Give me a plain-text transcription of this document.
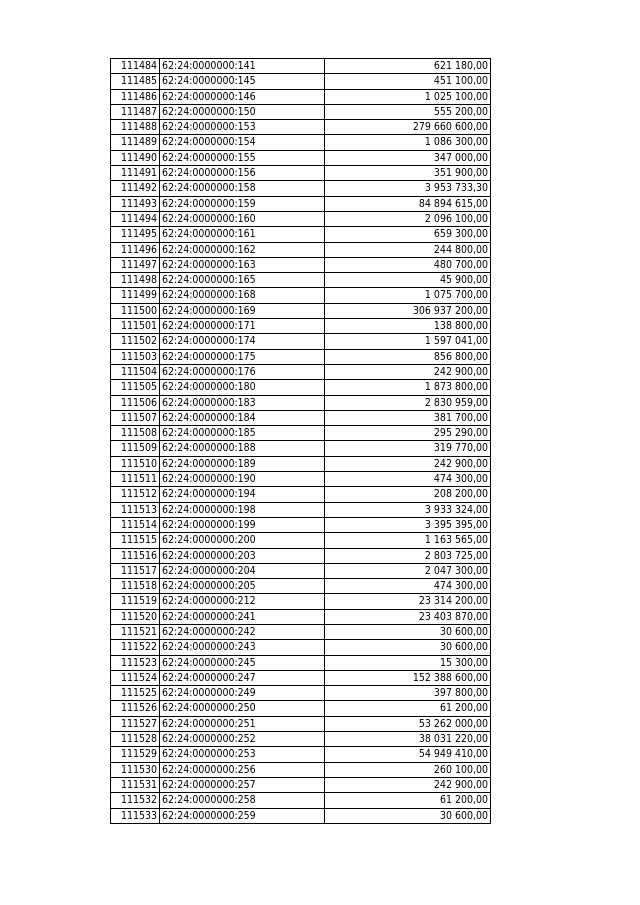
111484	62:24:0000000:141	621 180,00
111485	62:24:0000000:145	451 100,00
111486	62:24:0000000:146	1 025 100,00
111487	62:24:0000000:150	555 200,00
111488	62:24:0000000:153	279 660 600,00
111489	62:24:0000000:154	1 086 300,00
111490	62:24:0000000:155	347 000,00
111491	62:24:0000000:156	351 900,00
111492	62:24:0000000:158	3 953 733,30
111493	62:24:0000000:159	84 894 615,00
111494	62:24:0000000:160	2 096 100,00
111495	62:24:0000000:161	659 300,00
111496	62:24:0000000:162	244 800,00
111497	62:24:0000000:163	480 700,00
111498	62:24:0000000:165	45 900,00
111499	62:24:0000000:168	1 075 700,00
111500	62:24:0000000:169	306 937 200,00
111501	62:24:0000000:171	138 800,00
111502	62:24:0000000:174	1 597 041,00
111503	62:24:0000000:175	856 800,00
111504	62:24:0000000:176	242 900,00
111505	62:24:0000000:180	1 873 800,00
111506	62:24:0000000:183	2 830 959,00
111507	62:24:0000000:184	381 700,00
111508	62:24:0000000:185	295 290,00
111509	62:24:0000000:188	319 770,00
111510	62:24:0000000:189	242 900,00
111511	62:24:0000000:190	474 300,00
111512	62:24:0000000:194	208 200,00
111513	62:24:0000000:198	3 933 324,00
111514	62:24:0000000:199	3 395 395,00
111515	62:24:0000000:200	1 163 565,00
111516	62:24:0000000:203	2 803 725,00
111517	62:24:0000000:204	2 047 300,00
111518	62:24:0000000:205	474 300,00
111519	62:24:0000000:212	23 314 200,00
111520	62:24:0000000:241	23 403 870,00
111521	62:24:0000000:242	30 600,00
111522	62:24:0000000:243	30 600,00
111523	62:24:0000000:245	15 300,00
111524	62:24:0000000:247	152 388 600,00
111525	62:24:0000000:249	397 800,00
111526	62:24:0000000:250	61 200,00
111527	62:24:0000000:251	53 262 000,00
111528	62:24:0000000:252	38 031 220,00
111529	62:24:0000000:253	54 949 410,00
111530	62:24:0000000:256	260 100,00
111531	62:24:0000000:257	242 900,00
111532	62:24:0000000:258	61 200,00
111533	62:24:0000000:259	30 600,00
